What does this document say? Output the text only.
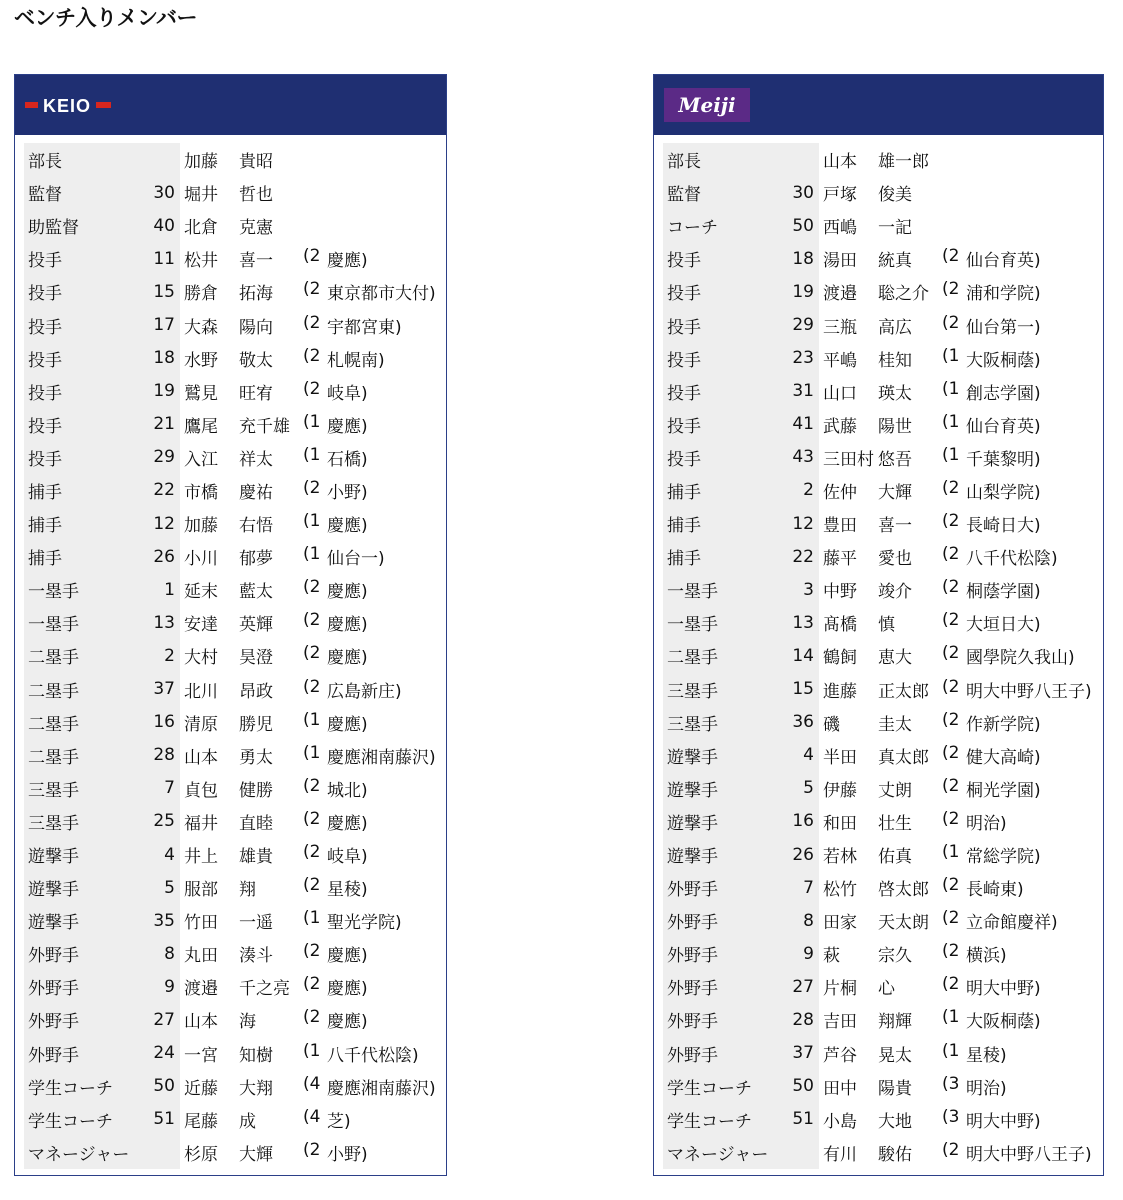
ベンチ入りメンバー
KEIO
部長	加藤	貴昭
監督	30 堀井	哲也
助監督	40 北倉	克憲
投手	11 松井	喜一 (2 慶應)
投手	15 勝倉	拓海 (2 東京都市大付)
投手	17 大森	陽向 (2 宇都宮東)
投手	18 水野	敬太 (2 札幌南)
投手	19 鷲見	旺宥 (2 岐阜)
投手	21 鷹尾	充千雄 (1 慶應)
投手	29 入江	祥太 (1 石橋)
捕手	22 市橋	慶祐 (2 小野)
捕手	12 加藤	右悟 (1 慶應)
捕手	26 小川	郁夢 (1 仙台一)
一塁手	1 延末	藍太 (2 慶應)
一塁手	13 安達	英輝 (2 慶應)
二塁手	2 大村	昊澄 (2 慶應)
二塁手	37 北川	昂政 (2 広島新庄)
二塁手	16 清原	勝児 (1 慶應)
二塁手	28 山本	勇太 (1 慶應湘南藤沢)
三塁手	7 貞包	健勝 (2 城北)
三塁手	25 福井	直睦 (2 慶應)
遊撃手	4 井上	雄貴 (2 岐阜)
遊撃手	5 服部	翔	(2 星稜)
遊撃手	35 竹田	一遥 (1 聖光学院)
外野手	8 丸田	湊斗 (2 慶應)
外野手	9 渡邉	千之亮 (2 慶應)
外野手	27 山本	海	(2 慶應)
外野手	24 一宮	知樹 (1 八千代松陰)
学生コーチ	50 近藤	大翔 (4 慶應湘南藤沢)
学生コーチ	51 尾藤	成	(4 芝)
マネージャー	杉原	大輝 (2 小野)
Meiji
部長	山本	雄一郎
監督	30 戸塚	俊美
コーチ	50 西嶋	一記
投手	18 湯田	統真 (2 仙台育英)
投手	19 渡邉	聡之介 (2 浦和学院)
投手	29 三瓶	高広 (2 仙台第一)
投手	23 平嶋	桂知 (1 大阪桐蔭)
投手	31 山口	瑛太 (1 創志学園)
投手	41 武藤	陽世 (1 仙台育英)
投手	43 三田村 悠吾 (1 千葉黎明)
捕手	2 佐仲	大輝 (2 山梨学院)
捕手	12 豊田	喜一 (2 長崎日大)
捕手	22 藤平	愛也 (2 八千代松陰)
一塁手	3 中野	竣介 (2 桐蔭学園)
一塁手	13 髙橋	慎	(2 大垣日大)
二塁手	14 鶴飼	恵大 (2 國學院久我山)
三塁手	15 進藤	正太郎 (2 明大中野八王子)
三塁手	36 磯	圭太 (2 作新学院)
遊撃手	4 半田	真太郎 (2 健大高崎)
遊撃手	5 伊藤	丈朗 (2 桐光学園)
遊撃手	16 和田	壮生 (2 明治)
遊撃手	26 若林	佑真 (1 常総学院)
外野手	7 松竹	啓太郎 (2 長崎東)
外野手	8 田家	天太朗 (2 立命館慶祥)
外野手	9 萩	宗久 (2 横浜)
外野手	27 片桐	心	(2 明大中野)
外野手	28 吉田	翔輝 (1 大阪桐蔭)
外野手	37 芦谷	晃太 (1 星稜)
学生コーチ	50 田中	陽貴 (3 明治)
学生コーチ	51 小島	大地 (3 明大中野)
マネージャー	有川	駿佑 (2 明大中野八王子)
